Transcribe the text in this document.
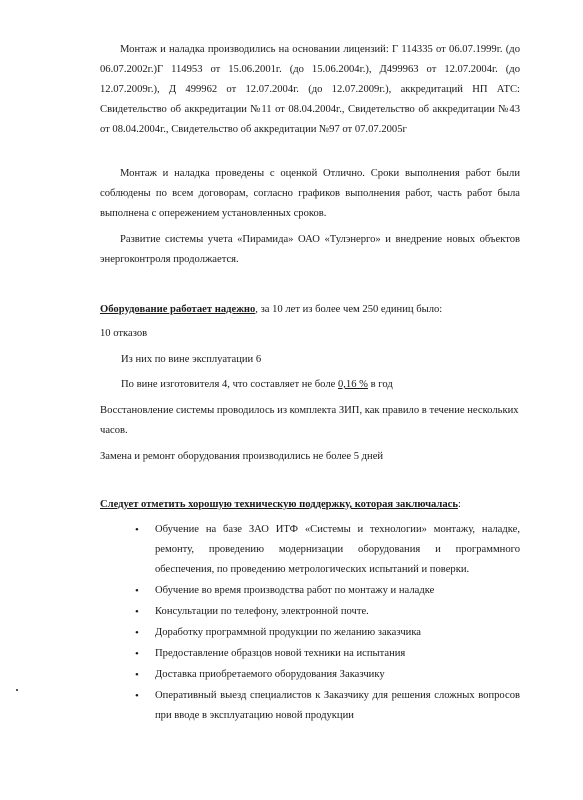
Монтаж и наладка производились на основании лицензий: Г 114335 от 06.07.1999г. (до 06.07.2002г.)Г 114953 от 15.06.2001г. (до 15.06.2004г.), Д499963 от 12.07.2004г. (до 12.07.2009г.), Д 499962 от 12.07.2004г. (до 12.07.2009г.), аккредитаций НП АТС: Свидетельство об аккредитации №11 от 08.04.2004г., Свидетельство об аккредитации №43 от 08.04.2004г., Свидетельство об аккредитации №97 от 07.07.2005г

Монтаж и наладка проведены с оценкой Отлично. Сроки выполнения работ были соблюдены по всем договорам, согласно графиков выполнения работ, часть работ была выполнена с опережением установленных сроков.

Развитие системы учета «Пирамида» ОАО «Тулэнерго» и внедрение новых объектов энергоконтроля продолжается.

Оборудование работает надежно, за 10 лет из более чем 250 единиц было:

10 отказов

Из них по вине эксплуатации 6

По вине изготовителя 4, что составляет не боле 0,16 % в год

Восстановление системы проводилось из комплекта ЗИП, как правило в течение нескольких часов.

Замена и ремонт оборудования производились не более 5 дней

Следует отметить хорошую техническую поддержку, которая заключалась:

• Обучение на базе ЗАО ИТФ «Системы и технологии» монтажу, наладке, ремонту, проведению модернизации оборудования и программного обеспечения, по проведению метрологических испытаний и поверки.
• Обучение во время производства работ по монтажу и наладке
• Консультации по телефону, электронной почте.
• Доработку программной продукции по желанию заказчика
• Предоставление образцов новой техники на испытания
• Доставка приобретаемого оборудования Заказчику
• Оперативный выезд специалистов к Заказчику для решения сложных вопросов при вводе в эксплуатацию новой продукции
